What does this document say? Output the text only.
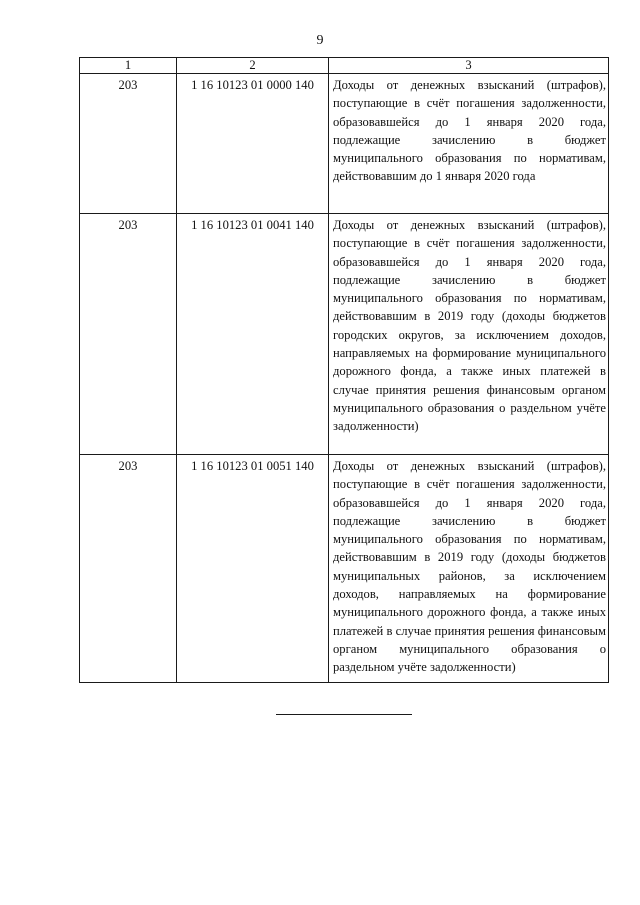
9
1	2	3
203	1 16 10123 01 0000 140	Доходы от денежных взысканий (штрафов), поступающие в счёт погашения задолженности, образовавшейся до 1 января 2020 года, подлежащие зачислению в бюджет муниципального образования по нормативам, действовавшим до 1 января 2020 года
203	1 16 10123 01 0041 140	Доходы от денежных взысканий (штрафов), поступающие в счёт погашения задолженности, образовавшейся до 1 января 2020 года, подлежащие зачислению в бюджет муниципального образования по нормативам, действовавшим в 2019 году (доходы бюджетов городских округов, за исключением доходов, направляемых на формирование муниципального дорожного фонда, а также иных платежей в случае принятия решения финансовым органом муниципального образования о раздельном учёте задолженности)
203	1 16 10123 01 0051 140	Доходы от денежных взысканий (штрафов), поступающие в счёт погашения задолженности, образовавшейся до 1 января 2020 года, подлежащие зачислению в бюджет муниципального образования по нормативам, действовавшим в 2019 году (доходы бюджетов муниципальных районов, за исключением доходов, направляемых на формирование муниципального дорожного фонда, а также иных платежей в случае принятия решения финансовым органом муниципального образования о раздельном учёте задолженности)
